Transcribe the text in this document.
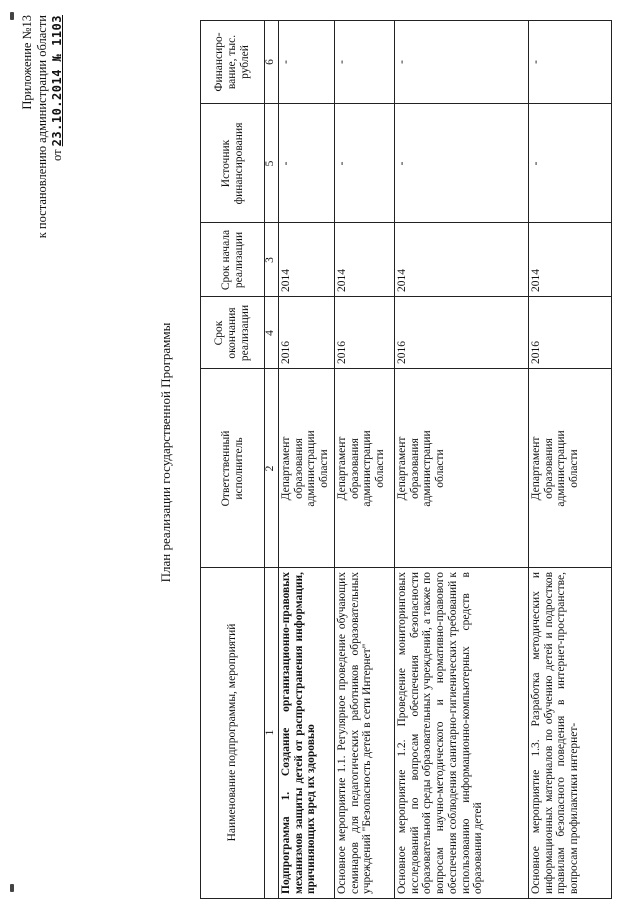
Приложение №13 к постановлению администрации области от 23.10.2014 № 1103
План реализации государственной Программы
Наименование подпрограммы, мероприятий
Ответственный исполнитель
Срок начала реализации
Срок окончания реализации
Источник финансирования
Финансиро-вание, тыс. рублей
1
2
3
4
5
6
Подпрограмма 1. Создание организационно-правовых механизмов защиты детей от распространения информации, причиняющих вред их здоровью
Департамент образования администрации области
2014
2016
-
-
Основное мероприятие 1.1. Регулярное проведение обучающих семинаров для педагогических работников образовательных учреждений "Безопасность детей в сети Интернет"
Департамент образования администрации области
2014
2016
-
-
Основное мероприятие 1.2. Проведение мониторинговых исследований по вопросам обеспечения безопасности образовательной среды образовательных учреждений, а также по вопросам научно-методического и нормативно-правового обеспечения соблюдения санитарно-гигиенических требований к использованию информационно-компьютерных средств в образовании детей
Департамент образования администрации области
2014
2016
-
-
Основное мероприятие 1.3. Разработка методических и информационных материалов по обучению детей и подростков правилам безопасного поведения в интернет-пространстве, вопросам профилактики интернет-
Департамент образования администрации области
2014
2016
-
-
